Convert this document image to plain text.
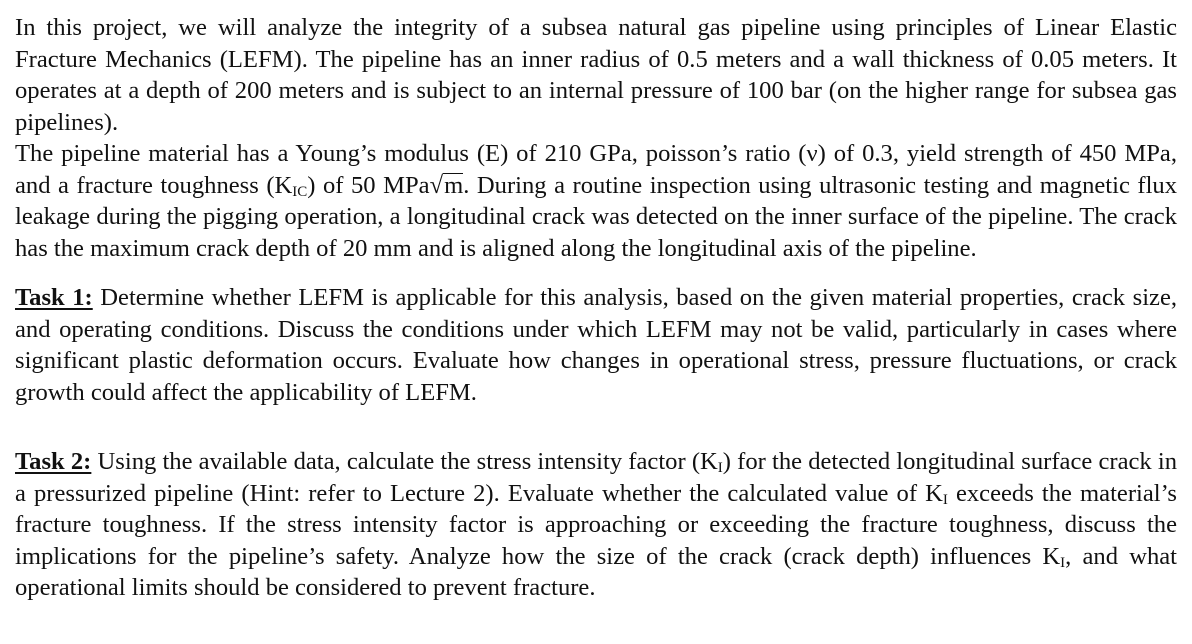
In this project, we will analyze the integrity of a subsea natural gas pipeline using principles of Linear Elastic Fracture Mechanics (LEFM). The pipeline has an inner radius of 0.5 meters and a wall thickness of 0.05 meters. It operates at a depth of 200 meters and is subject to an internal pressure of 100 bar (on the higher range for subsea gas pipelines).

The pipeline material has a Young’s modulus (E) of 210 GPa, poisson’s ratio (ν) of 0.3, yield strength of 450 MPa, and a fracture toughness $(K_{IC})$ of 50 MPa√m. During a routine inspection using ultrasonic testing and magnetic flux leakage during the pigging operation, a longitudinal crack was detected on the inner surface of the pipeline. The crack has the maximum crack depth of 20 mm and is aligned along the longitudinal axis of the pipeline.

Task 1: Determine whether LEFM is applicable for this analysis, based on the given material properties, crack size, and operating conditions. Discuss the conditions under which LEFM may not be valid, particularly in cases where significant plastic deformation occurs. Evaluate how changes in operational stress, pressure fluctuations, or crack growth could affect the applicability of LEFM.

Task 2: Using the available data, calculate the stress intensity factor $(K_I)$ for the detected longitudinal surface crack in a pressurized pipeline (Hint: refer to Lecture 2). Evaluate whether the calculated value of $K_I$ exceeds the material’s fracture toughness. If the stress intensity factor is approaching or exceeding the fracture toughness, discuss the implications for the pipeline’s safety. Analyze how the size of the crack (crack depth) influences $K_I$, and what operational limits should be considered to prevent fracture.
